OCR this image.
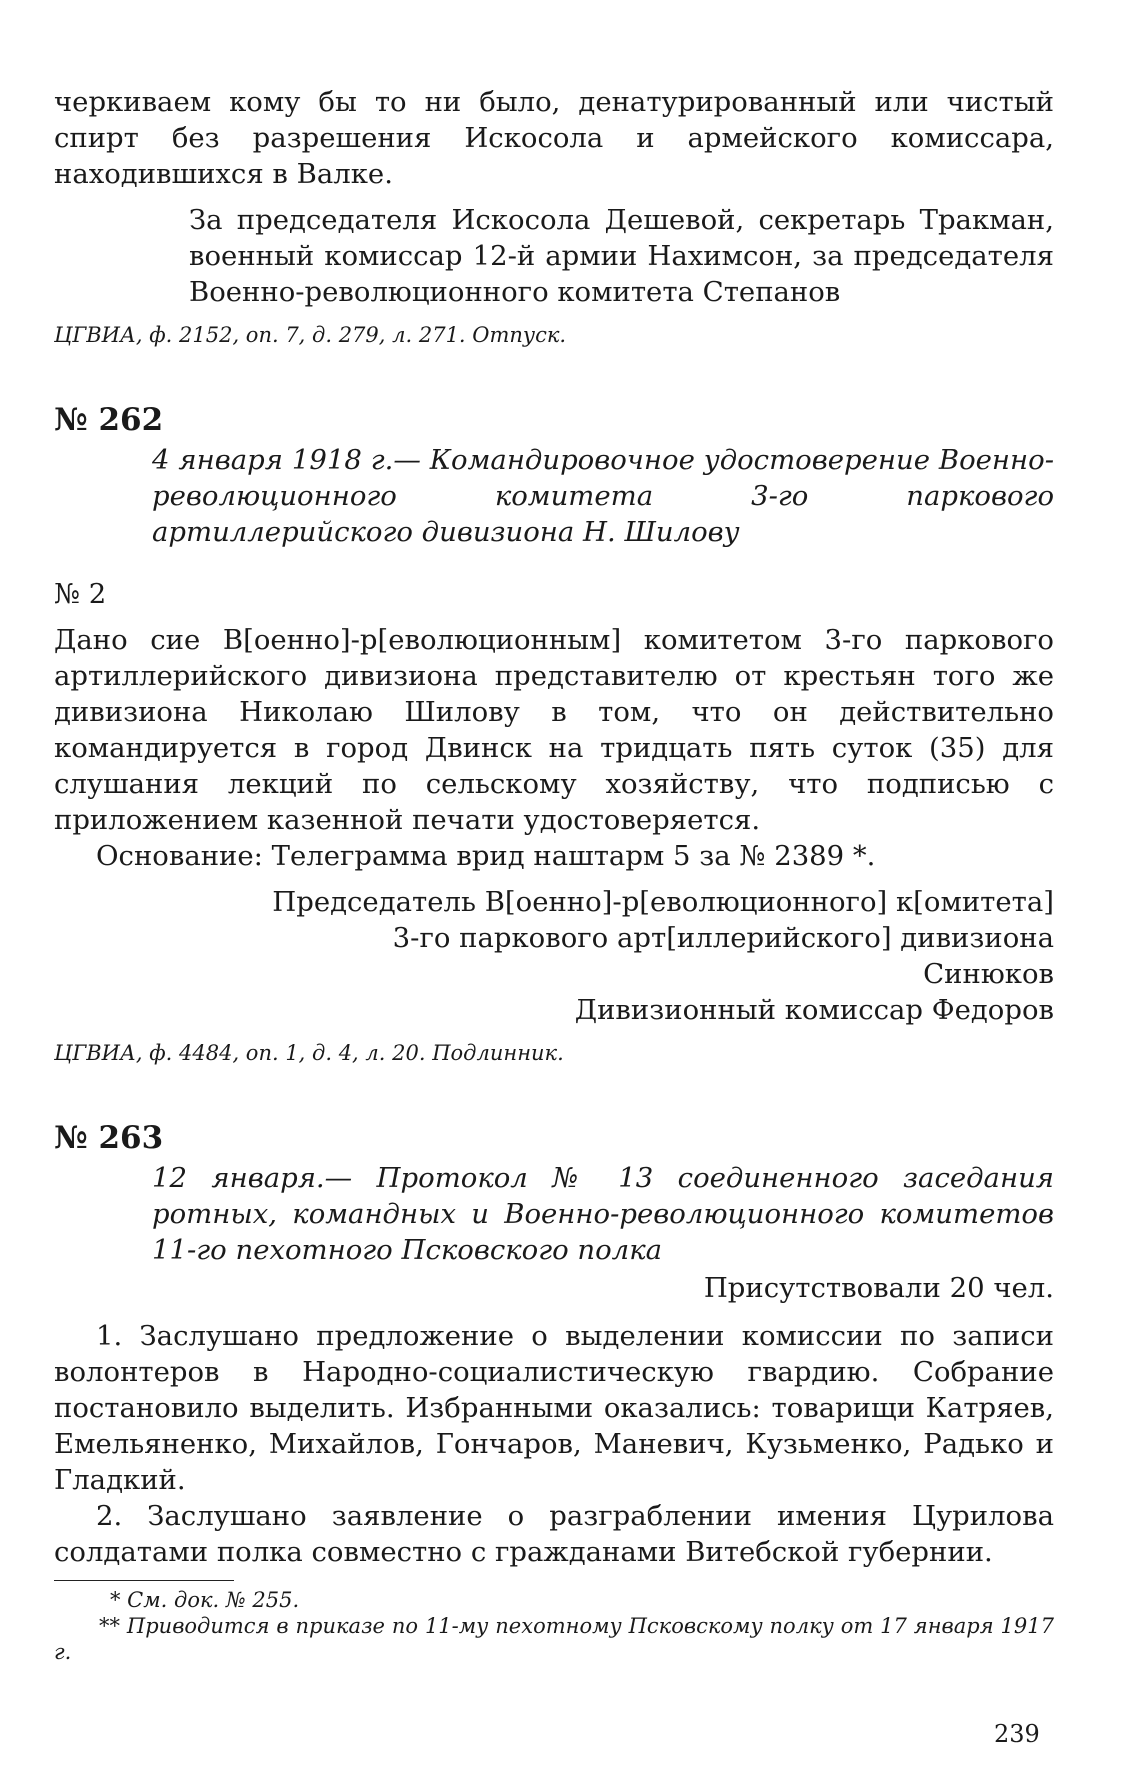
черкиваем кому бы то ни было, денатурированный или чистый спирт без разрешения Искосола и армейского комиссара, находившихся в Валке.

За председателя Искосола Дешевой, секретарь Тракман, военный комиссар 12-й армии Нахимсон, за председателя Военно-революционного комитета Степанов

ЦГВИА, ф. 2152, оп. 7, д. 279, л. 271. Отпуск.

№ 262

4 января 1918 г.— Командировочное удостоверение Военно-революционного комитета 3-го паркового артиллерийского дивизиона Н. Шилову

№ 2

Дано сие В[оенно]-р[еволюционным] комитетом 3-го паркового артиллерийского дивизиона представителю от крестьян того же дивизиона Николаю Шилову в том, что он действительно командируется в город Двинск на тридцать пять суток (35) для слушания лекций по сельскому хозяйству, что подписью с приложением казенной печати удостоверяется.

Основание: Телеграмма врид наштарм 5 за № 2389 *.

Председатель В[оенно]-р[еволюционного] к[омитета]

3-го паркового арт[иллерийского] дивизиона

Синюков

Дивизионный комиссар Федоров

ЦГВИА, ф. 4484, оп. 1, д. 4, л. 20. Подлинник.

№ 263

12 января.— Протокол № 13 соединенного заседания ротных, командных и Военно-революционного комитетов 11-го пехотного Псковского полка

Присутствовали 20 чел.

1. Заслушано предложение о выделении комиссии по записи волонтеров в Народно-социалистическую гвардию. Собрание постановило выделить. Избранными оказались: товарищи Катряев, Емельяненко, Михайлов, Гончаров, Маневич, Кузьменко, Радько и Гладкий.

2. Заслушано заявление о разграблении имения Цурилова солдатами полка совместно с гражданами Витебской губернии.

* См. док. № 255.

** Приводится в приказе по 11-му пехотному Псковскому полку от 17 января 1917 г.

239
